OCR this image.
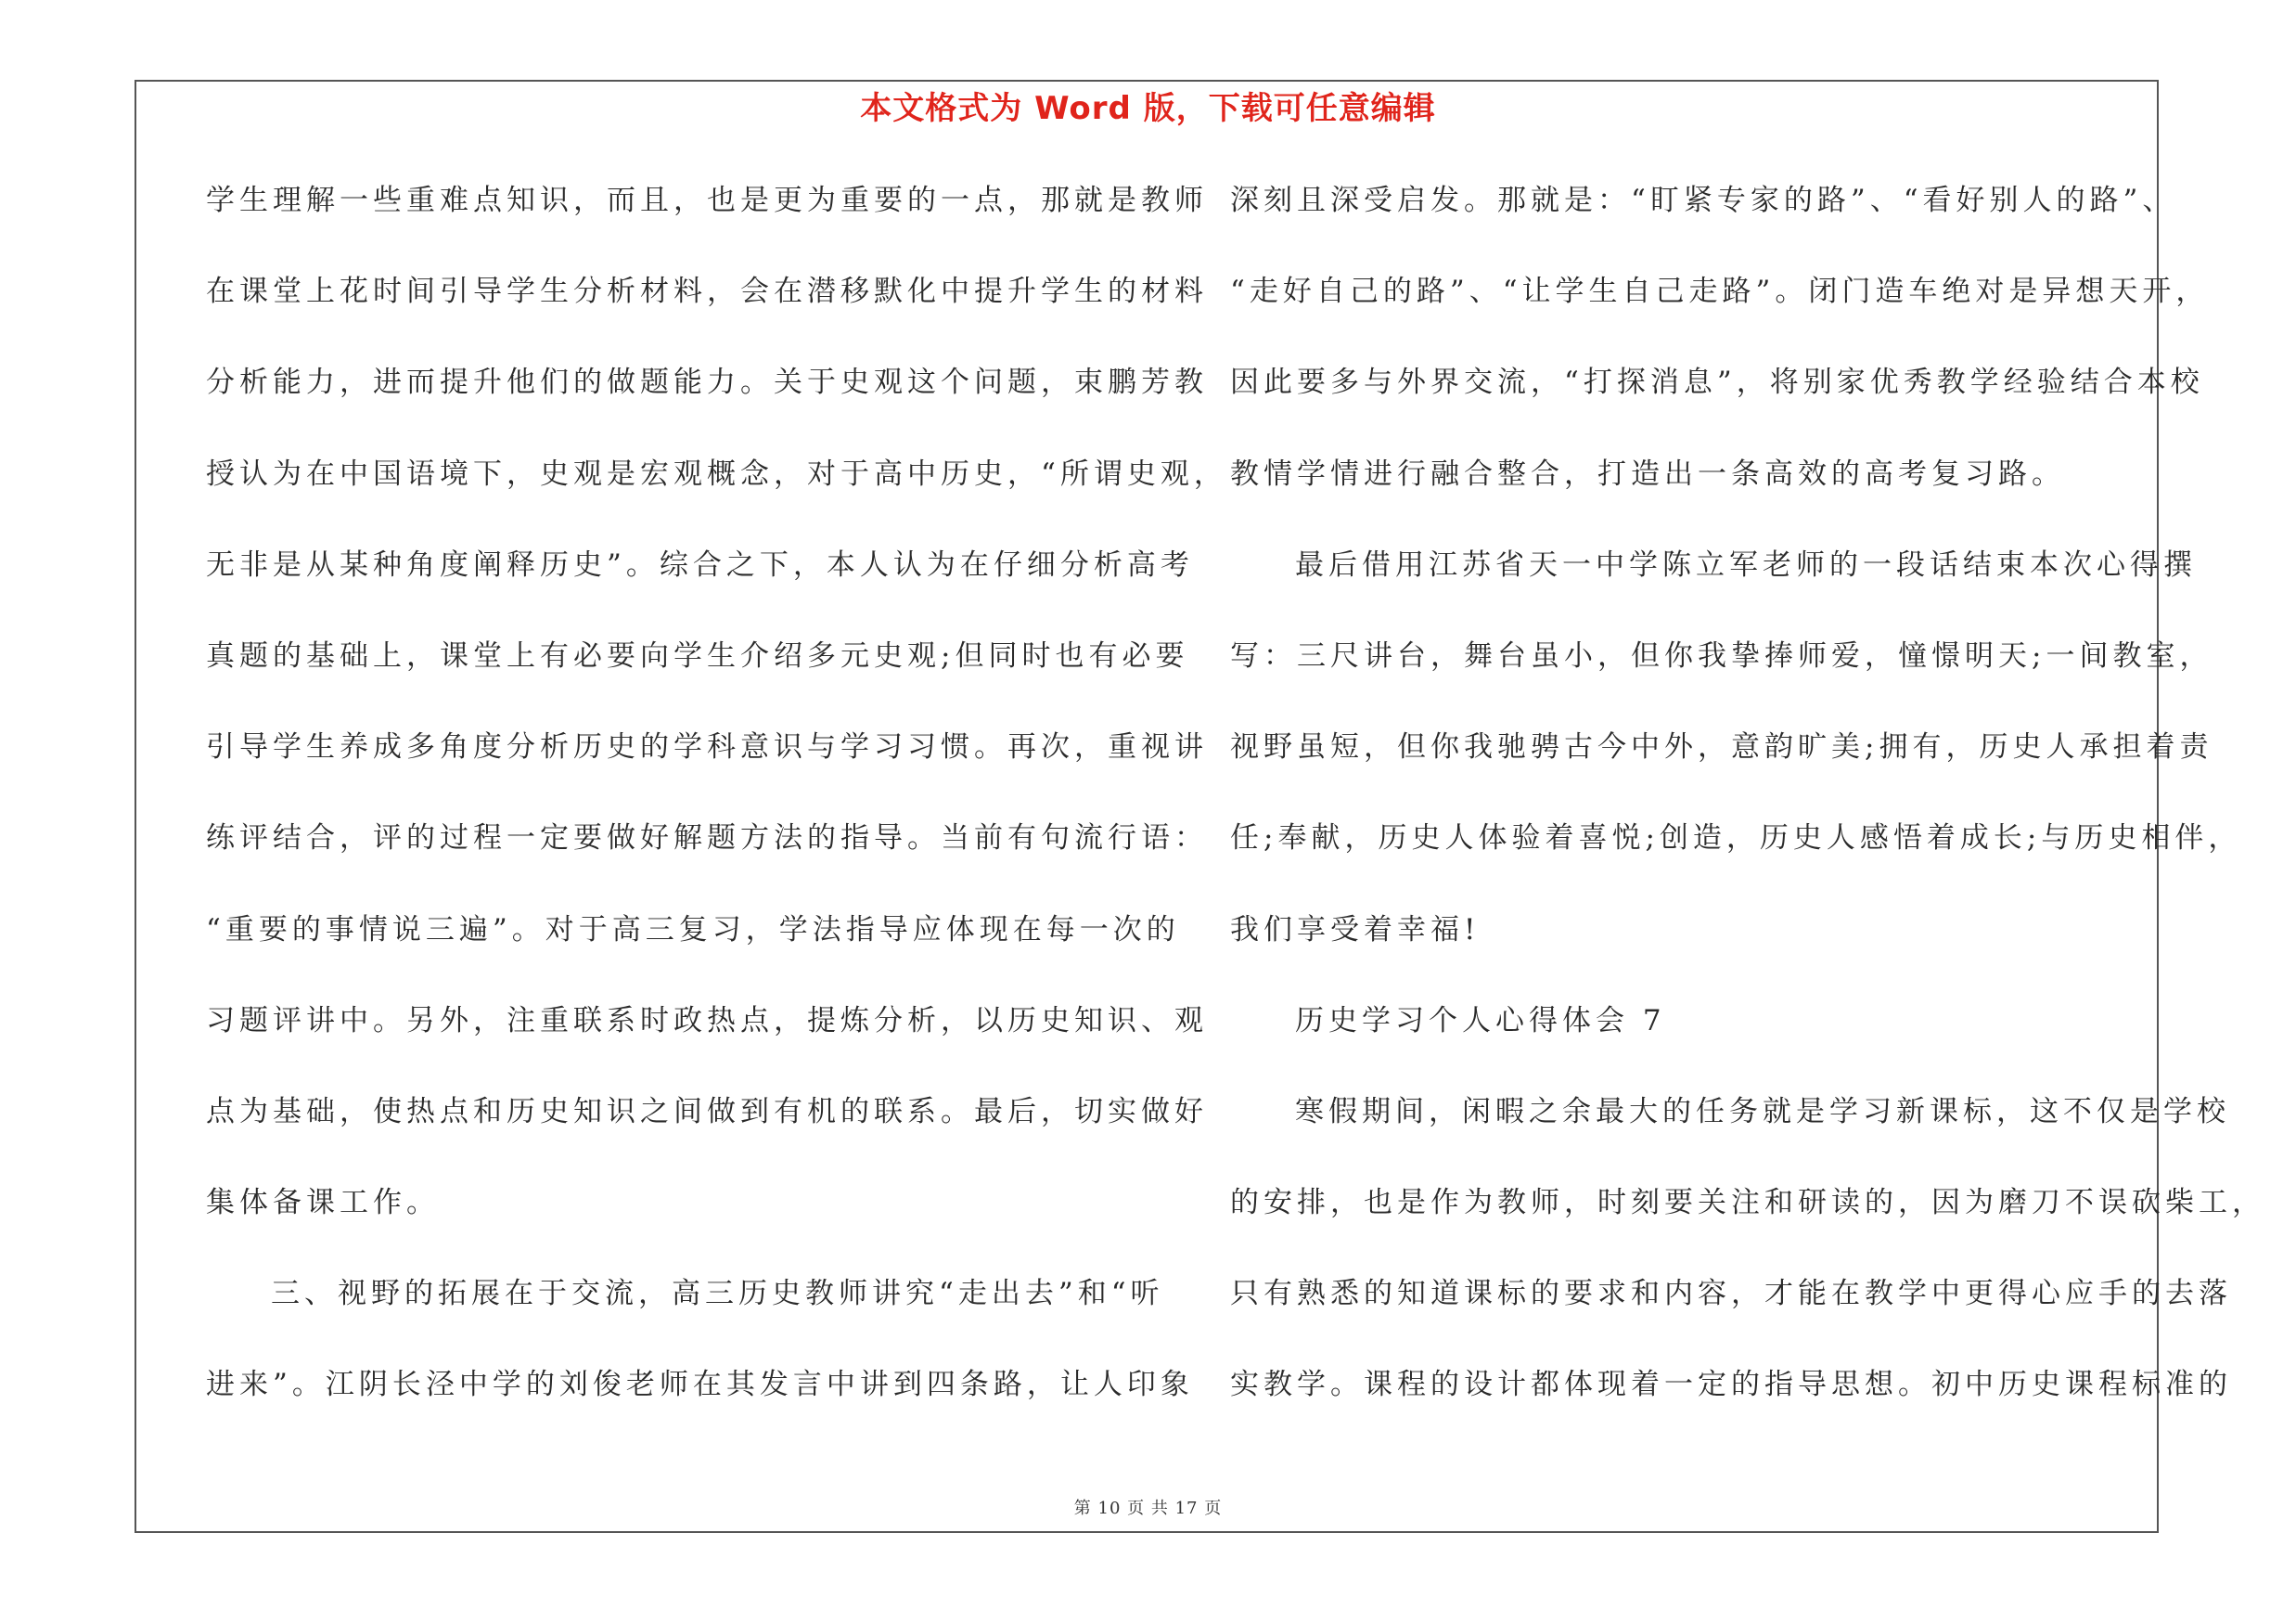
本文格式为 Word 版，下载可任意编辑
学生理解一些重难点知识，而且，也是更为重要的一点，那就是教师
在课堂上花时间引导学生分析材料，会在潜移默化中提升学生的材料
分析能力，进而提升他们的做题能力。关于史观这个问题，束鹏芳教
授认为在中国语境下，史观是宏观概念，对于高中历史，“所谓史观，
无非是从某种角度阐释历史”。综合之下，本人认为在仔细分析高考
真题的基础上，课堂上有必要向学生介绍多元史观;但同时也有必要
引导学生养成多角度分析历史的学科意识与学习习惯。再次，重视讲
练评结合，评的过程一定要做好解题方法的指导。当前有句流行语：
“重要的事情说三遍”。对于高三复习，学法指导应体现在每一次的
习题评讲中。另外，注重联系时政热点，提炼分析，以历史知识、观
点为基础，使热点和历史知识之间做到有机的联系。最后，切实做好
集体备课工作。
三、视野的拓展在于交流，高三历史教师讲究“走出去”和“听
进来”。江阴长泾中学的刘俊老师在其发言中讲到四条路，让人印象
深刻且深受启发。那就是：“盯紧专家的路”、“看好别人的路”、
“走好自己的路”、“让学生自己走路”。闭门造车绝对是异想天开，
因此要多与外界交流，“打探消息”，将别家优秀教学经验结合本校
教情学情进行融合整合，打造出一条高效的高考复习路。
最后借用江苏省天一中学陈立军老师的一段话结束本次心得撰
写：三尺讲台，舞台虽小，但你我挚捧师爱，憧憬明天;一间教室，
视野虽短，但你我驰骋古今中外，意韵旷美;拥有，历史人承担着责
任;奉献，历史人体验着喜悦;创造，历史人感悟着成长;与历史相伴，
我们享受着幸福!
历史学习个人心得体会 7
寒假期间，闲暇之余最大的任务就是学习新课标，这不仅是学校
的安排，也是作为教师，时刻要关注和研读的，因为磨刀不误砍柴工，
只有熟悉的知道课标的要求和内容，才能在教学中更得心应手的去落
实教学。课程的设计都体现着一定的指导思想。初中历史课程标准的
第 10 页 共 17 页
